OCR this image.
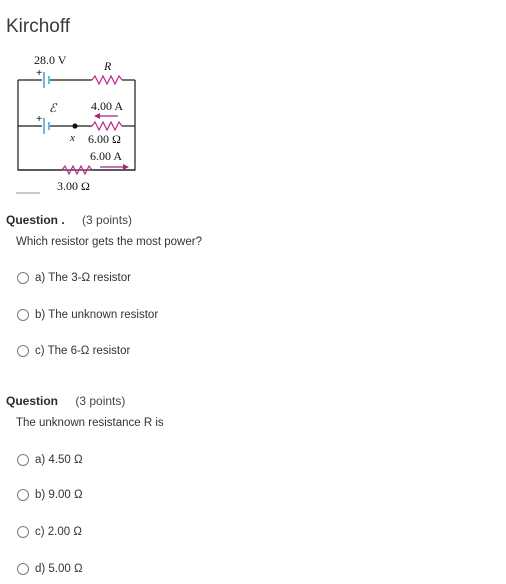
Kirchoff
28.0 V	R
+
ℰ
+
4.00 A
x 6.00 Ω
6.00 A
3.00 Ω
Question . (3 points)
Which resistor gets the most power?
a) The 3-Ω resistor
b) The unknown resistor
c) The 6-Ω resistor
Question (3 points)
The unknown resistance R is
a) 4.50 Ω
b) 9.00 Ω
c) 2.00 Ω
d) 5.00 Ω
